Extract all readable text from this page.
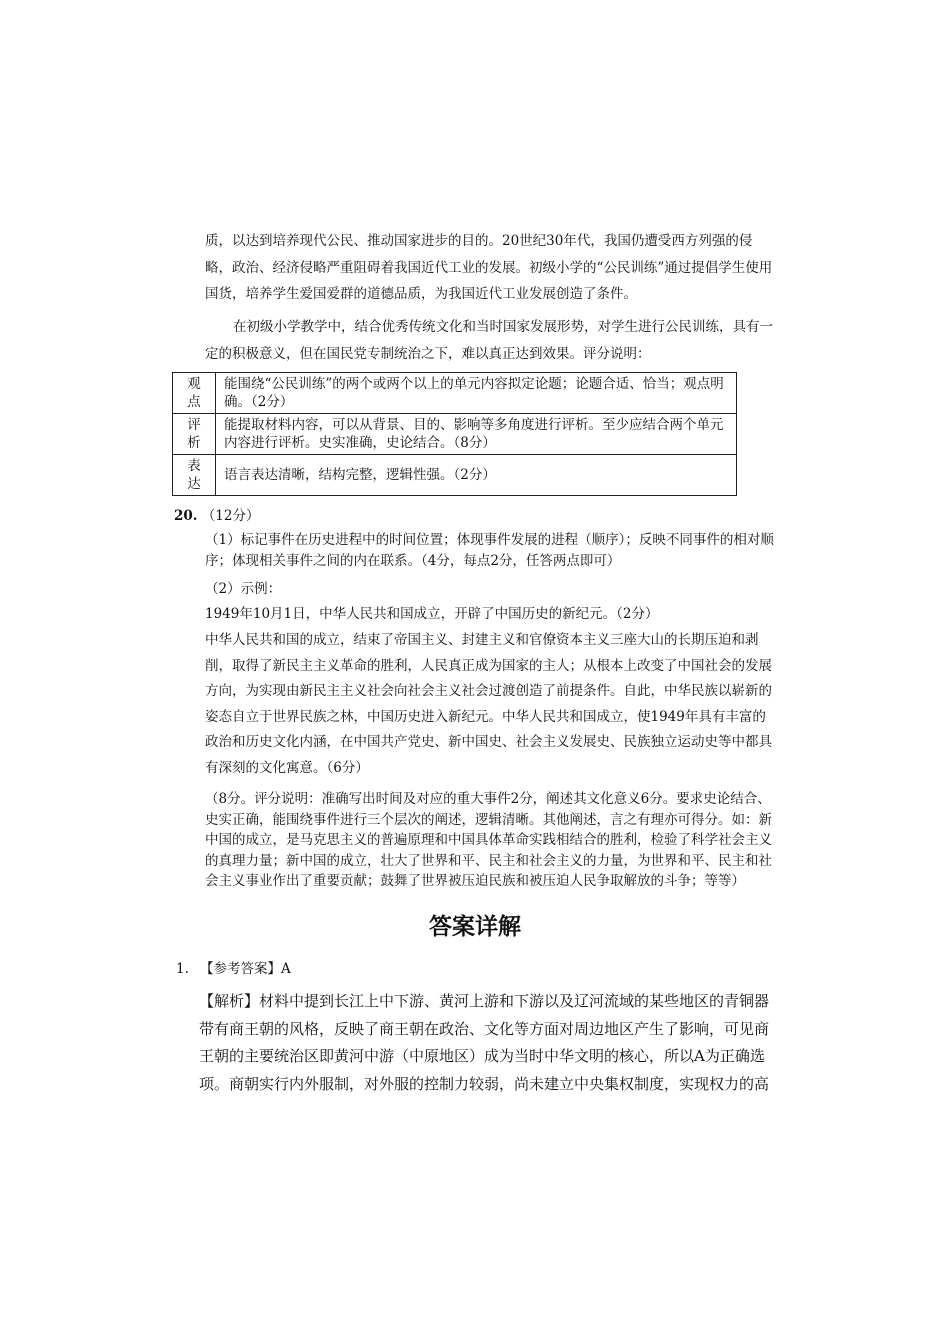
质，以达到培养现代公民、推动国家进步的目的。20世纪30年代，我国仍遭受西方列强的侵略，政治、经济侵略严重阻碍着我国近代工业的发展。初级小学的“公民训练”通过提倡学生使用国货，培养学生爱国爱群的道德品质，为我国近代工业发展创造了条件。

在初级小学教学中，结合优秀传统文化和当时国家发展形势，对学生进行公民训练，具有一定的积极意义，但在国民党专制统治之下，难以真正达到效果。评分说明：

观点	能围绕“公民训练”的两个或两个以上的单元内容拟定论题；论题合适、恰当；观点明确。（2分）
评析	能提取材料内容，可以从背景、目的、影响等多角度进行评析。至少应结合两个单元内容进行评析。史实准确，史论结合。（8分）
表达	语言表达清晰，结构完整，逻辑性强。（2分）
20. （12分）

（1）标记事件在历史进程中的时间位置；体现事件发展的进程（顺序）；反映不同事件的相对顺序；体现相关事件之间的内在联系。（4分，每点2分，任答两点即可）

（2）示例：

1949年10月1日，中华人民共和国成立，开辟了中国历史的新纪元。（2分）

中华人民共和国的成立，结束了帝国主义、封建主义和官僚资本主义三座大山的长期压迫和剥削，取得了新民主主义革命的胜利，人民真正成为国家的主人；从根本上改变了中国社会的发展方向，为实现由新民主主义社会向社会主义社会过渡创造了前提条件。自此，中华民族以崭新的姿态自立于世界民族之林，中国历史进入新纪元。中华人民共和国成立，使1949年具有丰富的政治和历史文化内涵，在中国共产党史、新中国史、社会主义发展史、民族独立运动史等中都具有深刻的文化寓意。（6分）

（8分。评分说明：准确写出时间及对应的重大事件2分，阐述其文化意义6分。要求史论结合、史实正确，能围绕事件进行三个层次的阐述，逻辑清晰。其他阐述，言之有理亦可得分。如：新中国的成立，是马克思主义的普遍原理和中国具体革命实践相结合的胜利，检验了科学社会主义的真理力量；新中国的成立，壮大了世界和平、民主和社会主义的力量，为世界和平、民主和社会主义事业作出了重要贡献；鼓舞了世界被压迫民族和被压迫人民争取解放的斗争；等等）

答案详解
1. 【参考答案】A

【解析】材料中提到长江上中下游、黄河上游和下游以及辽河流域的某些地区的青铜器带有商王朝的风格，反映了商王朝在政治、文化等方面对周边地区产生了影响，可见商王朝的主要统治区即黄河中游（中原地区）成为当时中华文明的核心，所以A为正确选项。商朝实行内外服制，对外服的控制力较弱，尚未建立中央集权制度，实现权力的高
